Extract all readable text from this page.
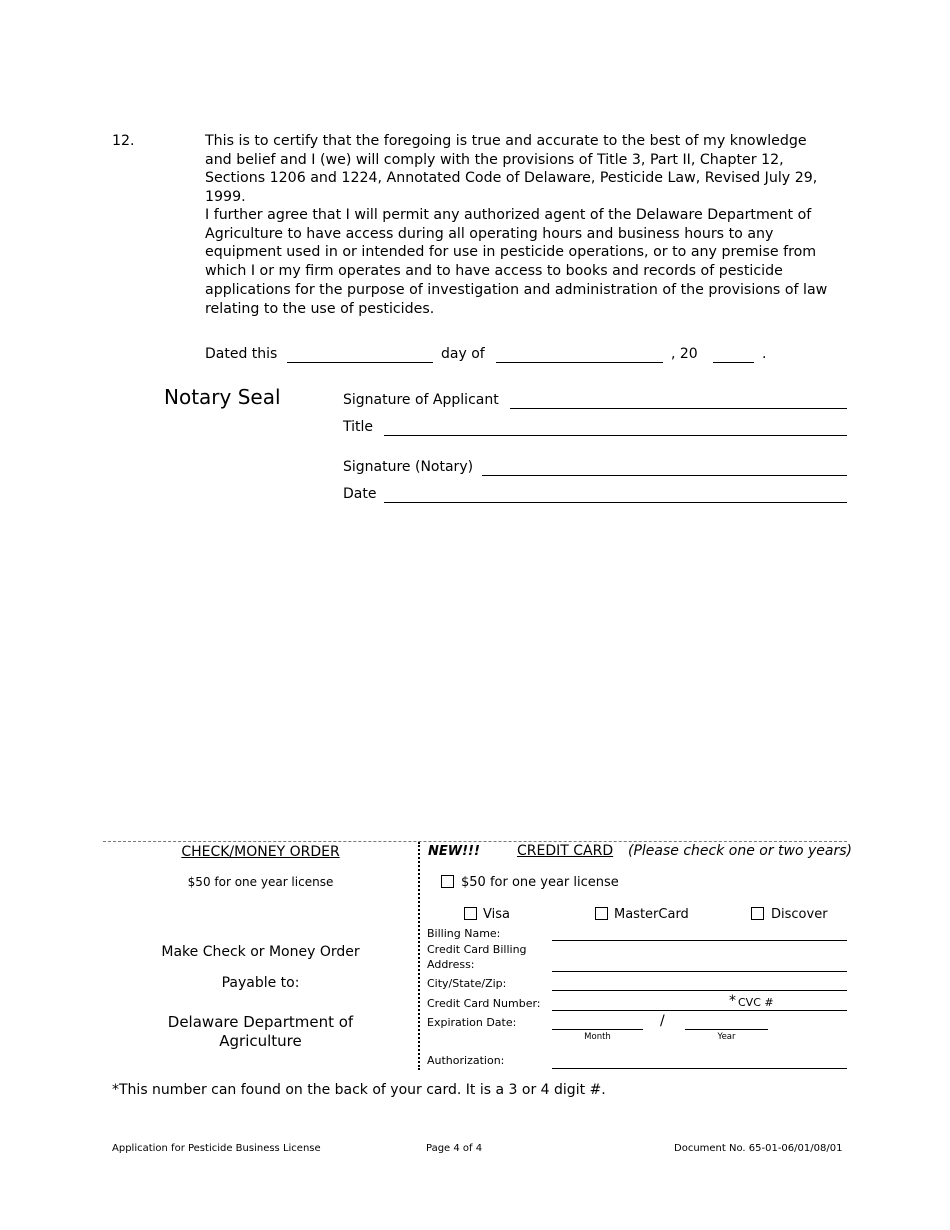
12.	This is to certify that the foregoing is true and accurate to the best of my knowledge and belief and I (we) will comply with the provisions of Title 3, Part II, Chapter 12, Sections 1206 and 1224, Annotated Code of Delaware, Pesticide Law, Revised July 29, 1999.
I further agree that I will permit any authorized agent of the Delaware Department of Agriculture to have access during all operating hours and business hours to any equipment used in or intended for use in pesticide operations, or to any premise from which I or my firm operates and to have access to books and records of pesticide applications for the purpose of investigation and administration of the provisions of law relating to the use of pesticides.
Dated this	day of	, 20	.
Notary Seal	Signature of Applicant
Title
Signature (Notary)
Date
CHECK/MONEY ORDER
$50 for one year license
Make Check or Money Order
Payable to:
Delaware Department of
Agriculture
NEW!!!	CREDIT CARD (Please check one or two years)
$50 for one year license
Visa	MasterCard	Discover
Billing Name:
Credit Card Billing
Address:
City/State/Zip:
Credit Card Number:	* CVC #
Expiration Date:	/
Month	Year
Authorization:
*This number can found on the back of your card. It is a 3 or 4 digit #.
Application for Pesticide Business License	Page 4 of 4	Document No. 65-01-06/01/08/01
